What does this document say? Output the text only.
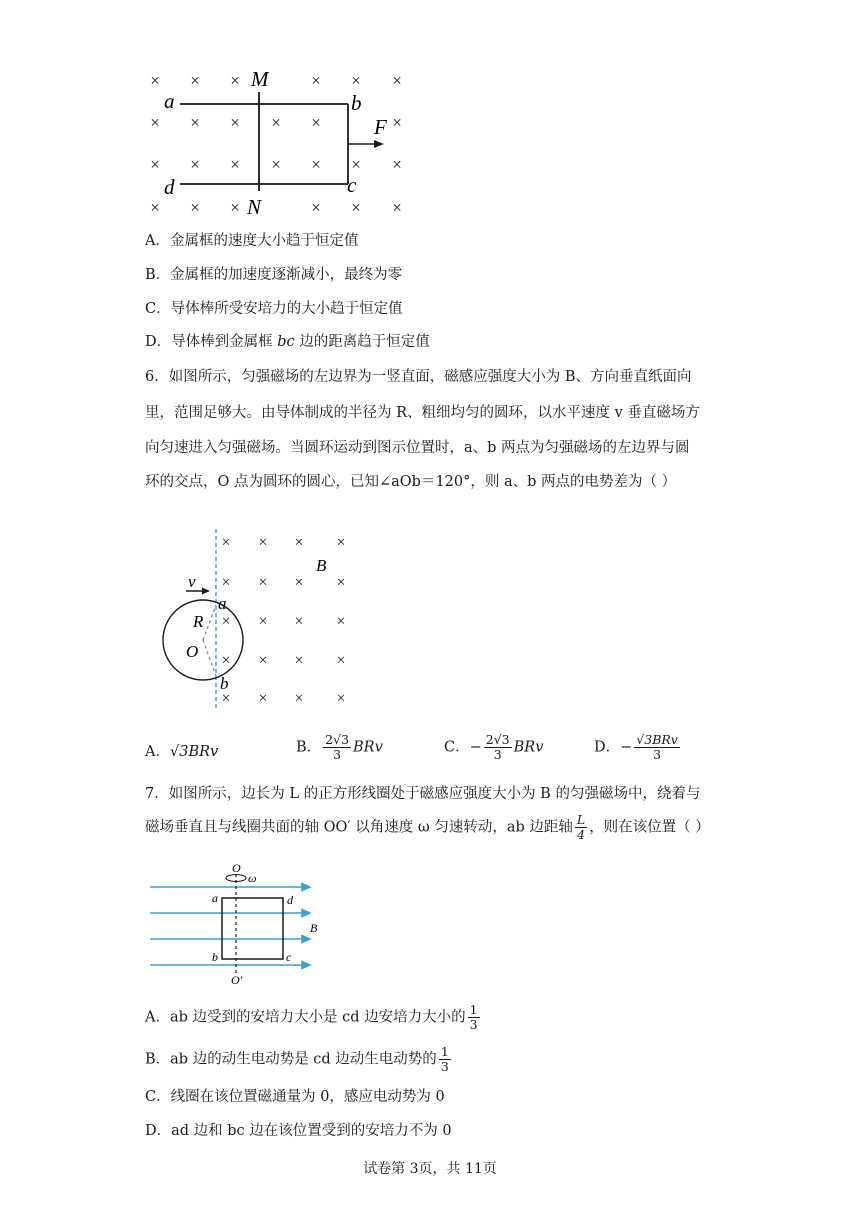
× × ×	× × ×
× × × × ×	×
× × × × × × ×
× × ×	× × ×
M
N
a	b
c
d
F
A．金属框的速度大小趋于恒定值
B．金属框的加速度逐渐减小，最终为零
C．导体棒所受安培力的大小趋于恒定值
D．导体棒到金属框 bc 边的距离趋于恒定值
6．如图所示，匀强磁场的左边界为一竖直面，磁感应强度大小为 B、方向垂直纸面向
里，范围足够大。由导体制成的半径为 R、粗细均匀的圆环，以水平速度 v 垂直磁场方
向匀速进入匀强磁场。当圆环运动到图示位置时，a、b 两点为匀强磁场的左边界与圆
环的交点，O 点为圆环的圆心，已知∠aOb＝120°，则 a、b 两点的电势差为（ ）
× × × ×
× × × ×
× × × ×
× × × ×
× × × ×
v
B
a
R
O
b
A．√3BRv	B． $\frac{2√3}{3}$ BRv	C．− $\frac{2√3}{3}$ BRv	D．− $\frac{\text{√3BRv}}{3}$
7．如图所示，边长为 L 的正方形线圈处于磁感应强度大小为 B 的匀强磁场中，绕着与
磁场垂直且与线圈共面的轴 OO′ 以角速度 ω 匀速转动，ab 边距轴 $\frac{L}{4}$ ，则在该位置（ ）
O
ω
a	d
b	c
B
O′
A．ab 边受到的安培力大小是 cd 边安培力大小的 $\frac{1}{3}$
B．ab 边的动生电动势是 cd 边动生电动势的 $\frac{1}{3}$
C．线圈在该位置磁通量为 0，感应电动势为 0
D．ad 边和 bc 边在该位置受到的安培力不为 0
试卷第 3页，共 11页
